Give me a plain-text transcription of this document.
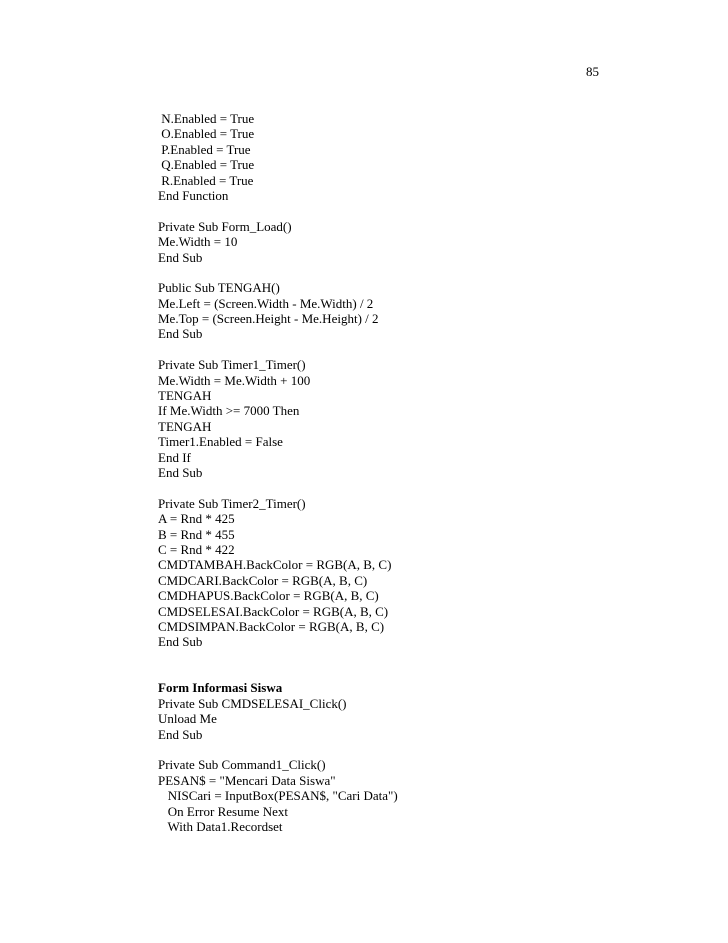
85
N.Enabled = True
O.Enabled = True
P.Enabled = True
Q.Enabled = True
R.Enabled = True
End Function
Private Sub Form_Load()
Me.Width = 10
End Sub
Public Sub TENGAH()
Me.Left = (Screen.Width - Me.Width) / 2
Me.Top = (Screen.Height - Me.Height) / 2
End Sub
Private Sub Timer1_Timer()
Me.Width = Me.Width + 100
TENGAH
If Me.Width >= 7000 Then
TENGAH
Timer1.Enabled = False
End If
End Sub
Private Sub Timer2_Timer()
A = Rnd * 425
B = Rnd * 455
C = Rnd * 422
CMDTAMBAH.BackColor = RGB(A, B, C)
CMDCARI.BackColor = RGB(A, B, C)
CMDHAPUS.BackColor = RGB(A, B, C)
CMDSELESAI.BackColor = RGB(A, B, C)
CMDSIMPAN.BackColor = RGB(A, B, C)
End Sub
Form Informasi Siswa
Private Sub CMDSELESAI_Click()
Unload Me
End Sub
Private Sub Command1_Click()
PESAN$ = "Mencari Data Siswa"
NISCari = InputBox(PESAN$, "Cari Data")
On Error Resume Next
With Data1.Recordset
